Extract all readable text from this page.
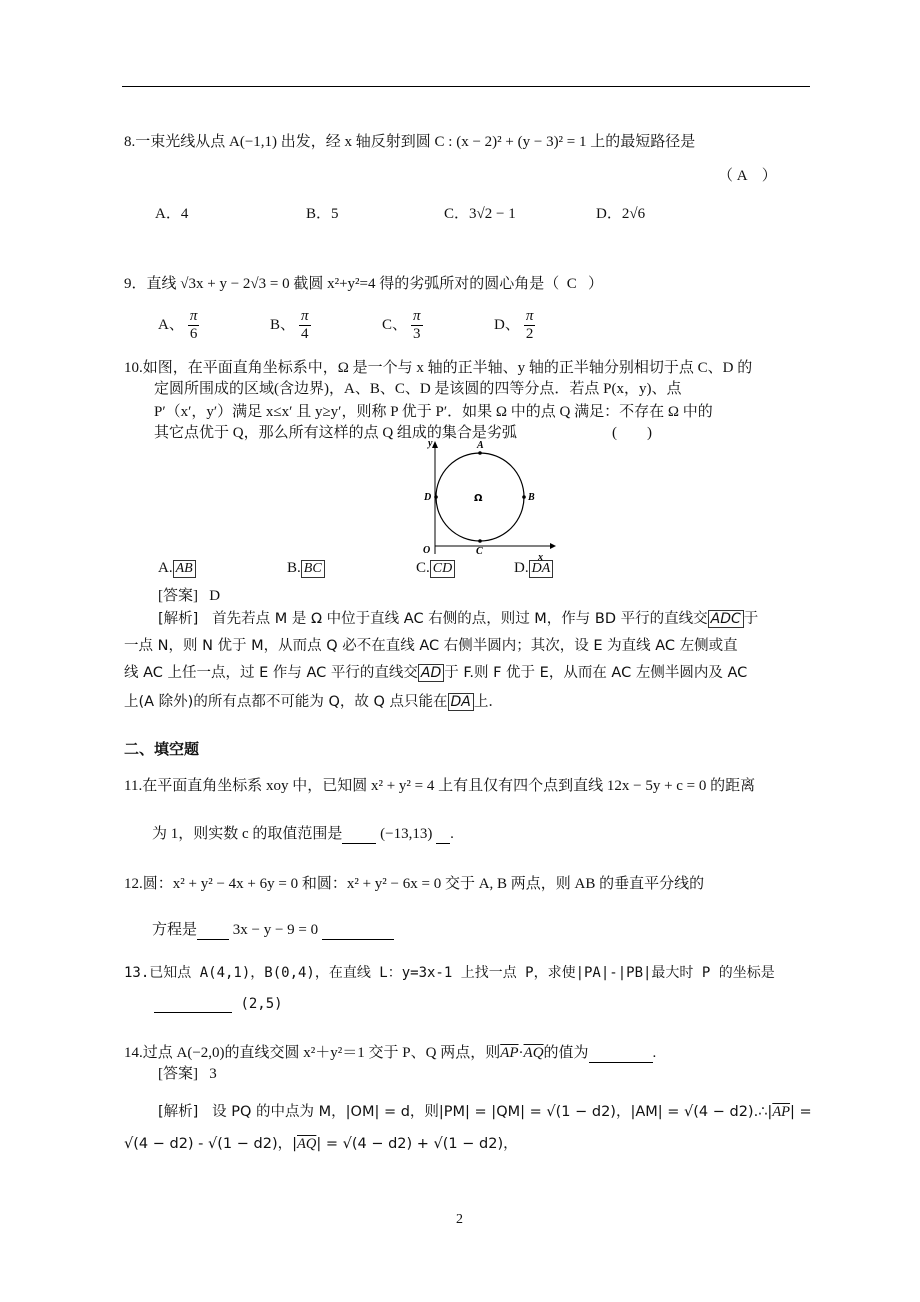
8.一束光线从点 A(−1,1) 出发，经 x 轴反射到圆 C : (x − 2)² + (y − 3)² = 1 上的最短路径是
（ A　）
A．4	B．5	C．3√2 − 1	D．2√6
9．直线 √3x + y − 2√3 = 0 截圆 x²+y²=4 得的劣弧所对的圆心角是（ C ）
A、 $\frac{\pi}{6}$	B、 $\frac{\pi}{4}$	C、 $\frac{\pi}{3}$	D、 $\frac{\pi}{2}$
10.如图，在平面直角坐标系中，Ω 是一个与 x 轴的正半轴、y 轴的正半轴分别相切于点 C、D 的
定圆所围成的区域(含边界)，A、B、C、D 是该圆的四等分点．若点 P(x，y)、点
P′（x′，y′）满足 x≤x′ 且 y≥y′，则称 P 优于 P′．如果 Ω 中的点 Q 满足：不存在 Ω 中的
其它点优于 Q，那么所有这样的点 Q 组成的集合是劣弧	(　　)
y
x
O
A
B
C
D	Ω
A. AB	B. BC	C. CD	D. DA
[答案] D
[解析] 首先若点 M 是 Ω 中位于直线 AC 右侧的点，则过 M，作与 BD 平行的直线交 ADC 于
一点 N，则 N 优于 M，从而点 Q 必不在直线 AC 右侧半圆内；其次，设 E 为直线 AC 左侧或直
线 AC 上任一点，过 E 作与 AC 平行的直线交 AD 于 F.则 F 优于 E，从而在 AC 左侧半圆内及 AC
上(A 除外)的所有点都不可能为 Q，故 Q 点只能在 DA 上．
二、填空题
11.在平面直角坐标系 xoy 中，已知圆 x² + y² = 4 上有且仅有四个点到直线 12x − 5y + c = 0 的距离
为 1，则实数 c 的取值范围是	(−13,13) .
12.圆：x² + y² − 4x + 6y = 0 和圆：x² + y² − 6x = 0 交于 A, B 两点，则 AB 的垂直平分线的
方程是 3x − y − 9 = 0
13.已知点 A(4,1)，B(0,4)，在直线 L：y=3x-1 上找一点 P，求使|PA|-|PB|最大时 P 的坐标是
(2,5)
14.过点 A(−2,0)的直线交圆 x²＋y²＝1 交于 P、Q 两点，则$\overline{AP}\cdot\overline{AQ}$的值为	.
[答案] 3
[解析] 设 PQ 的中点为 M，|OM| = d，则|PM| = |QM| = √(1 − d2)，$|AM| = √(4 - d2).\therefore|\overline{AP}|$ =
√(4 − d2) - √(1 − d2)，$|\overline{AQ}| = √(4 - d2) + √(1 - d2)$，
2
